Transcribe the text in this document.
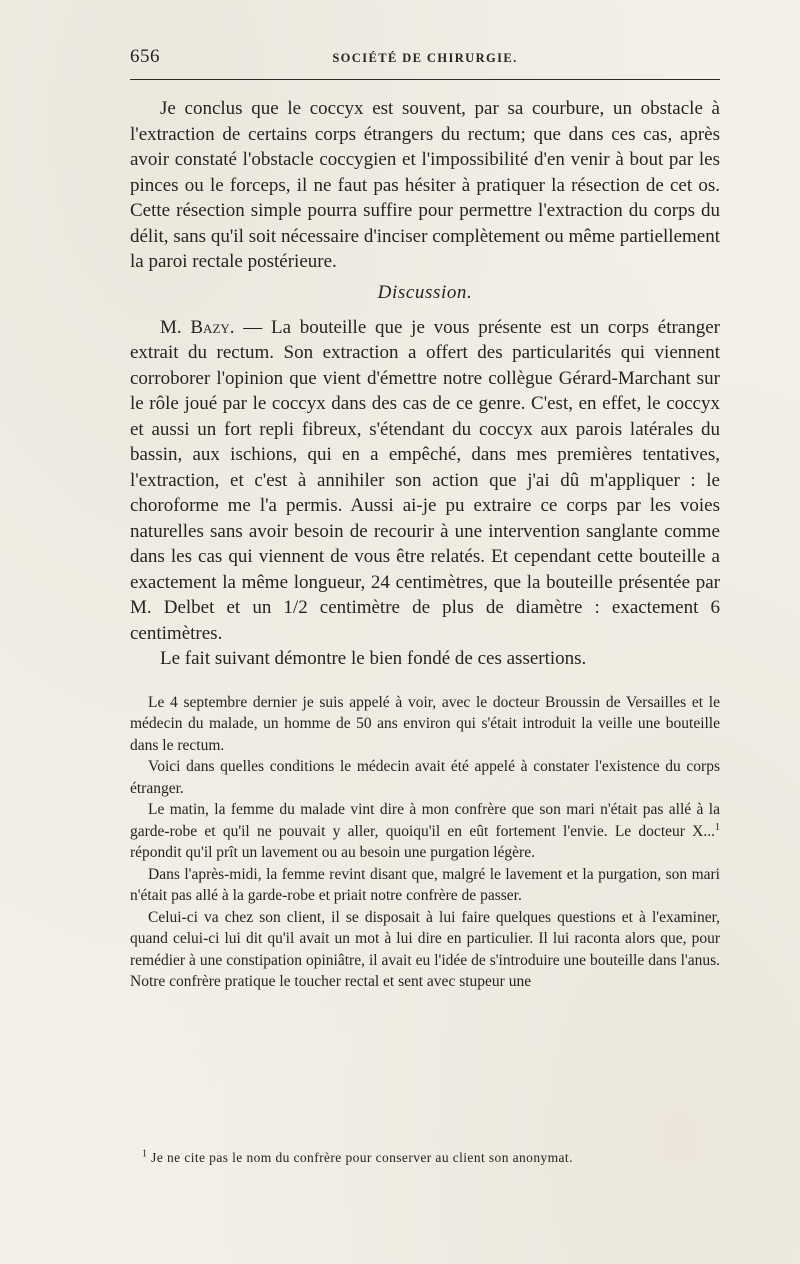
656	SOCIÉTÉ DE CHIRURGIE.

Je conclus que le coccyx est souvent, par sa courbure, un obstacle à l'extraction de certains corps étrangers du rectum; que dans ces cas, après avoir constaté l'obstacle coccygien et l'impossibilité d'en venir à bout par les pinces ou le forceps, il ne faut pas hésiter à pratiquer la résection de cet os. Cette résection simple pourra suffire pour permettre l'extraction du corps du délit, sans qu'il soit nécessaire d'inciser complètement ou même partiellement la paroi rectale postérieure.

Discussion.

M. Bazy. — La bouteille que je vous présente est un corps étranger extrait du rectum. Son extraction a offert des particularités qui viennent corroborer l'opinion que vient d'émettre notre collègue Gérard-Marchant sur le rôle joué par le coccyx dans des cas de ce genre. C'est, en effet, le coccyx et aussi un fort repli fibreux, s'étendant du coccyx aux parois latérales du bassin, aux ischions, qui en a empêché, dans mes premières tentatives, l'extraction, et c'est à annihiler son action que j'ai dû m'appliquer : le choroforme me l'a permis. Aussi ai-je pu extraire ce corps par les voies naturelles sans avoir besoin de recourir à une intervention sanglante comme dans les cas qui viennent de vous être relatés. Et cependant cette bouteille a exactement la même longueur, 24 centimètres, que la bouteille présentée par M. Delbet et un 1/2 centimètre de plus de diamètre : exactement 6 centimètres.

Le fait suivant démontre le bien fondé de ces assertions.

Le 4 septembre dernier je suis appelé à voir, avec le docteur Broussin de Versailles et le médecin du malade, un homme de 50 ans environ qui s'était introduit la veille une bouteille dans le rectum.

Voici dans quelles conditions le médecin avait été appelé à constater l'existence du corps étranger.

Le matin, la femme du malade vint dire à mon confrère que son mari n'était pas allé à la garde-robe et qu'il ne pouvait y aller, quoiqu'il en eût fortement l'envie. Le docteur X...$^1$ répondit qu'il prît un lavement ou au besoin une purgation légère.

Dans l'après-midi, la femme revint disant que, malgré le lavement et la purgation, son mari n'était pas allé à la garde-robe et priait notre confrère de passer.

Celui-ci va chez son client, il se disposait à lui faire quelques questions et à l'examiner, quand celui-ci lui dit qu'il avait un mot à lui dire en particulier. Il lui raconta alors que, pour remédier à une constipation opiniâtre, il avait eu l'idée de s'introduire une bouteille dans l'anus. Notre confrère pratique le toucher rectal et sent avec stupeur une

$^1$ Je ne cite pas le nom du confrère pour conserver au client son anonymat.
